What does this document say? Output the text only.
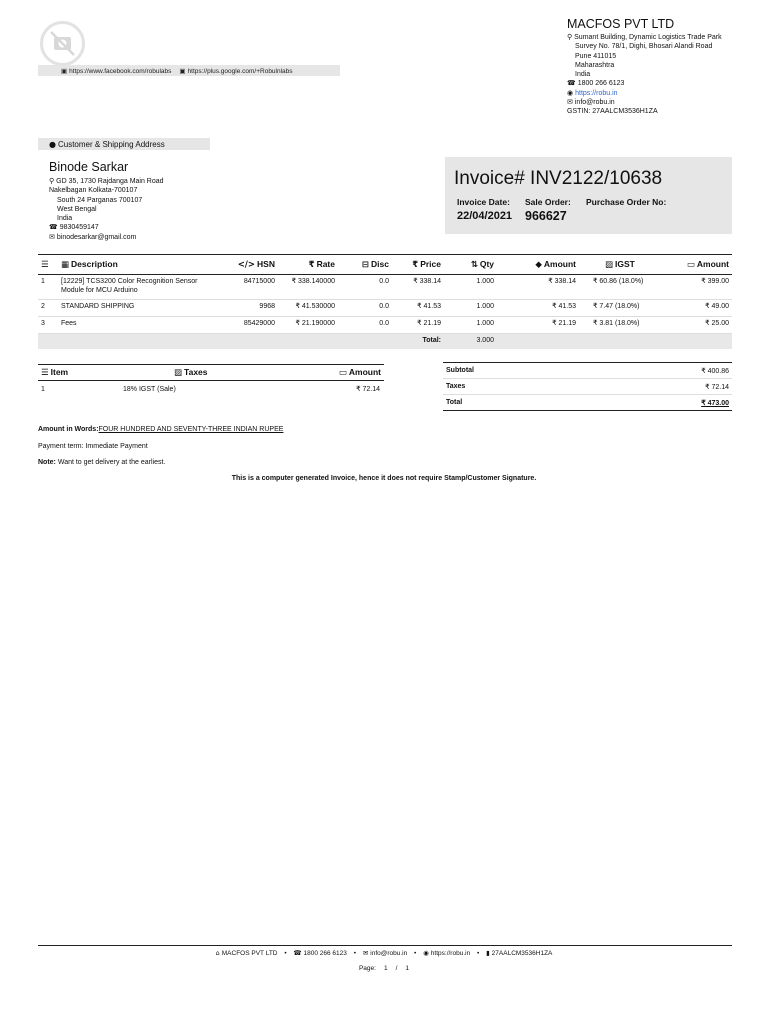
▣ https://www.facebook.com/robulabs ▣ https://plus.google.com/+Robulnlabs
MACFOS PVT LTD
⚲ Sumant Building, Dynamic Logistics Trade Park
Survey No. 78/1, Dighi, Bhosari Alandi Road
Pune 411015
Maharashtra
India
☎ 1800 266 6123
◉ https://robu.in
✉ info@robu.in
GSTIN: 27AALCM3536H1ZA
● Customer & Shipping Address
Binode Sarkar
⚲ GD 35, 1730 Rajdanga Main Road
Nakelbagan Kolkata-700107
South 24 Parganas 700107
West Bengal
India
☎ 9830459147
✉ binodesarkar@gmail.com
Invoice# INV2122/10638
Invoice Date: Sale Order: Purchase Order No:
22/04/2021 966627
☰	▦ Description	</> HSN	₹ Rate	⊟ Disc	₹ Price	⇅ Qty	◆ Amount	▨ IGST	▭ Amount
1	[12229] TCS3200 Color Recognition Sensor
Module for MCU Arduino	84715000	₹ 338.140000	0.0	₹ 338.14	1.000	₹ 338.14	₹ 60.86 (18.0%)	₹ 399.00
2	STANDARD SHIPPING	9968	₹ 41.530000	0.0	₹ 41.53	1.000	₹ 41.53	₹ 7.47 (18.0%)	₹ 49.00
3	Fees	85429000	₹ 21.190000	0.0	₹ 21.19	1.000	₹ 21.19	₹ 3.81 (18.0%)	₹ 25.00
					Total:	3.000			
☰ Item	▨ Taxes	▭ Amount
1	18% IGST (Sale)	₹ 72.14
Subtotal	₹ 400.86
Taxes	₹ 72.14
Total	₹ 473.00
Amount in Words:FOUR HUNDRED AND SEVENTY-THREE INDIAN RUPEE
Payment term: Immediate Payment
Note: Want to get delivery at the earliest.
This is a computer generated Invoice, hence it does not require Stamp/Customer Signature.
⌂ MACFOS PVT LTD • ☎ 1800 266 6123 • ✉ info@robu.in • ◉ https://robu.in • ▮ 27AALCM3536H1ZA
Page: 1 / 1
